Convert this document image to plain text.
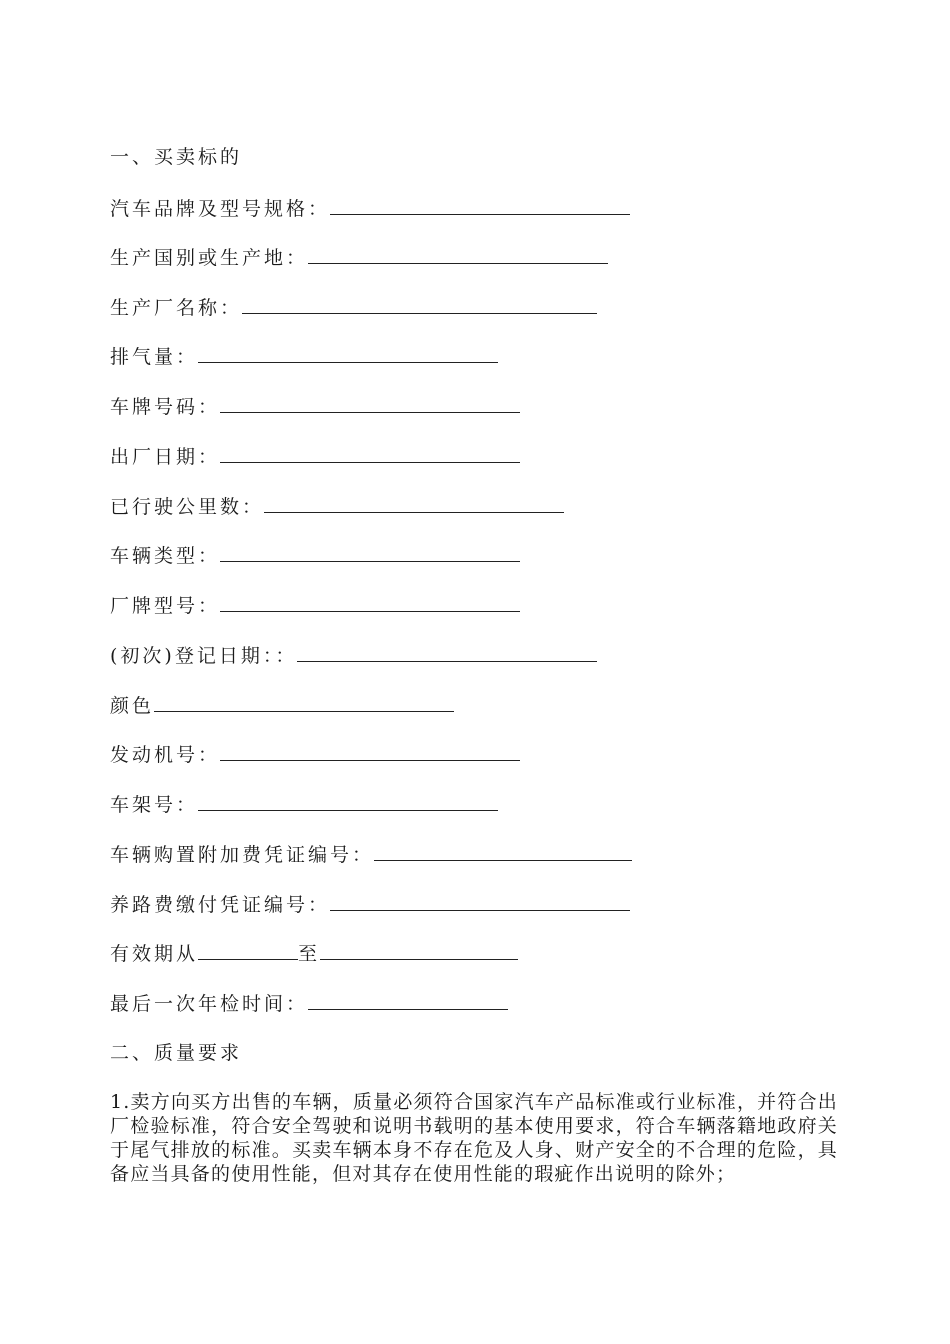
一、买卖标的
汽车品牌及型号规格：
生产国别或生产地：
生产厂名称：
排气量：
车牌号码：
出厂日期：
已行驶公里数：
车辆类型：
厂牌型号：
(初次)登记日期：：
颜色
发动机号：
车架号：
车辆购置附加费凭证编号：
养路费缴付凭证编号：
有效期从	至
最后一次年检时间：
二、质量要求
1.卖方向买方出售的车辆，质量必须符合国家汽车产品标准或行业标准，并符合出厂检验标准，符合安全驾驶和说明书载明的基本使用要求，符合车辆落籍地政府关于尾气排放的标准。买卖车辆本身不存在危及人身、财产安全的不合理的危险，具备应当具备的使用性能，但对其存在使用性能的瑕疵作出说明的除外；
